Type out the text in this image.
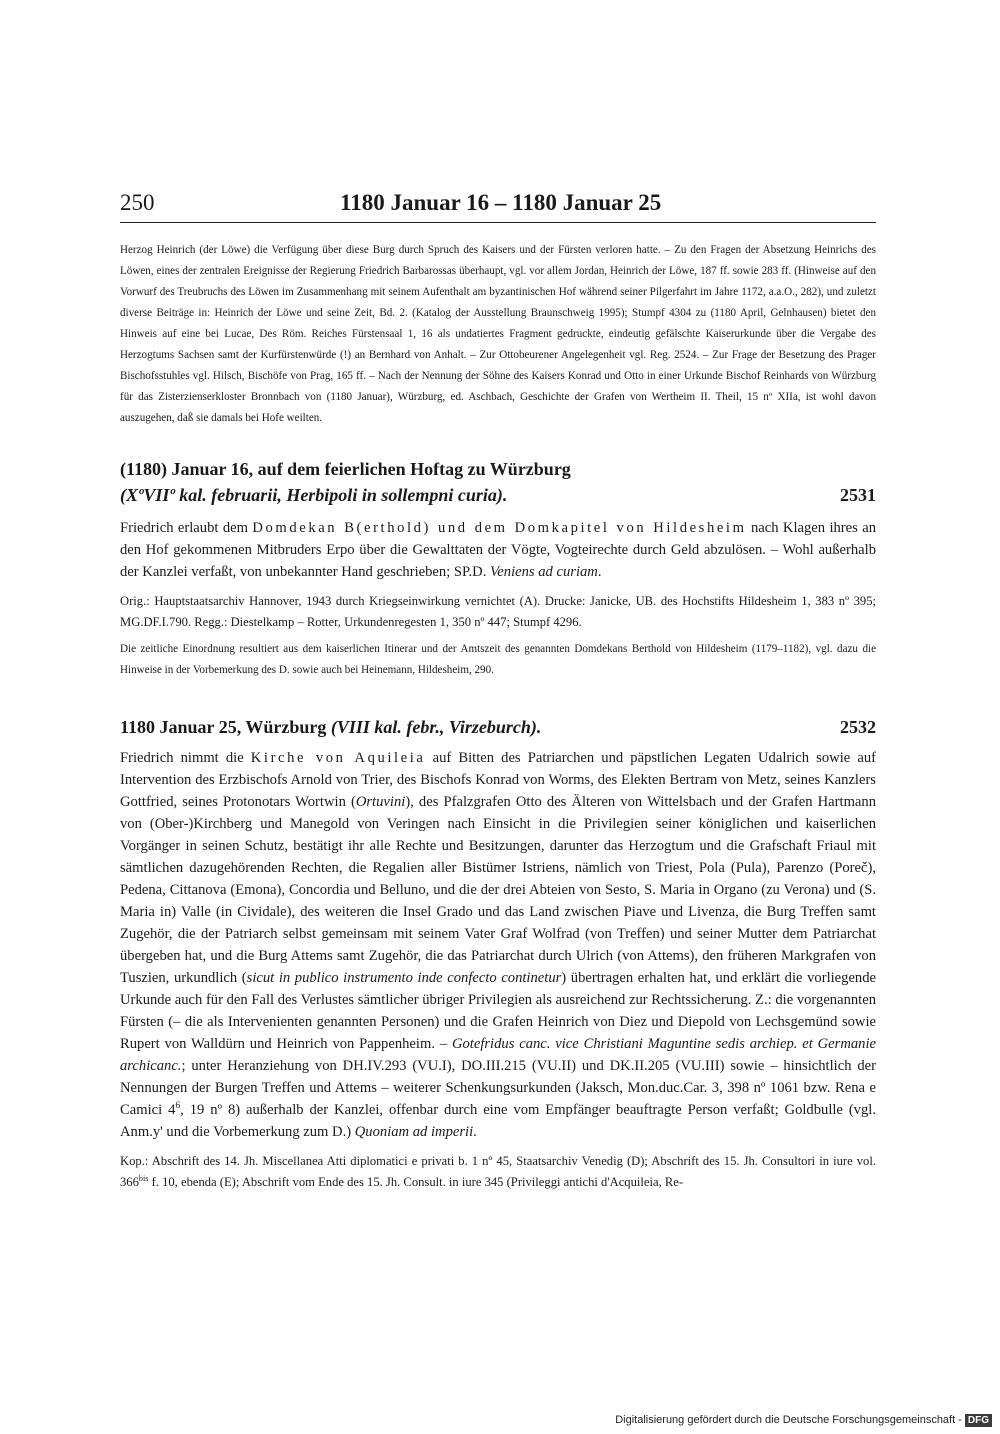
250	1180 Januar 16 – 1180 Januar 25
Herzog Heinrich (der Löwe) die Verfügung über diese Burg durch Spruch des Kaisers und der Fürsten verloren hatte. – Zu den Fragen der Absetzung Heinrichs des Löwen, eines der zentralen Ereignisse der Regierung Friedrich Barbarossas überhaupt, vgl. vor allem Jordan, Heinrich der Löwe, 187 ff. sowie 283 ff. (Hinweise auf den Vorwurf des Treubruchs des Löwen im Zusammenhang mit seinem Aufenthalt am byzantinischen Hof während seiner Pilgerfahrt im Jahre 1172, a.a.O., 282), und zuletzt diverse Beiträge in: Heinrich der Löwe und seine Zeit, Bd. 2. (Katalog der Ausstellung Braunschweig 1995); Stumpf 4304 zu (1180 April, Gelnhausen) bietet den Hinweis auf eine bei Lucae, Des Röm. Reiches Fürstensaal 1, 16 als undatiertes Fragment gedruckte, eindeutig gefälschte Kaiserurkunde über die Vergabe des Herzogtums Sachsen samt der Kurfürstenwürde (!) an Bernhard von Anhalt. – Zur Ottobeurener Angelegenheit vgl. Reg. 2524. – Zur Frage der Besetzung des Prager Bischofsstuhles vgl. Hilsch, Bischöfe von Prag, 165 ff. – Nach der Nennung der Söhne des Kaisers Konrad und Otto in einer Urkunde Bischof Reinhards von Würzburg für das Zisterzienserkloster Bronnbach von (1180 Januar), Würzburg, ed. Aschbach, Geschichte der Grafen von Wertheim II. Theil, 15 nº XIIa, ist wohl davon auszugehen, daß sie damals bei Hofe weilten.
(1180) Januar 16, auf dem feierlichen Hoftag zu Würzburg
(XºVIIº kal. februarii, Herbipoli in sollempni curia).	2531
Friedrich erlaubt dem Domdekan B(erthold) und dem Domkapitel von Hildesheim nach Klagen ihres an den Hof gekommenen Mitbruders Erpo über die Gewalttaten der Vögte, Vogteirechte durch Geld abzulösen. – Wohl außerhalb der Kanzlei verfaßt, von unbekannter Hand geschrieben; SP.D. Veniens ad curiam.
Orig.: Hauptstaatsarchiv Hannover, 1943 durch Kriegseinwirkung vernichtet (A). Drucke: Janicke, UB. des Hochstifts Hildesheim 1, 383 nº 395; MG.DF.I.790. Regg.: Diestelkamp – Rotter, Urkundenregesten 1, 350 nº 447; Stumpf 4296.
Die zeitliche Einordnung resultiert aus dem kaiserlichen Itinerar und der Amtszeit des genannten Domdekans Berthold von Hildesheim (1179–1182), vgl. dazu die Hinweise in der Vorbemerkung des D. sowie auch bei Heinemann, Hildesheim, 290.
1180 Januar 25, Würzburg (VIII kal. febr., Virzeburch).	2532
Friedrich nimmt die Kirche von Aquileia auf Bitten des Patriarchen und päpstlichen Legaten Udalrich sowie auf Intervention des Erzbischofs Arnold von Trier, des Bischofs Konrad von Worms, des Elekten Bertram von Metz, seines Kanzlers Gottfried, seines Protonotars Wortwin (Ortuvini), des Pfalzgrafen Otto des Älteren von Wittelsbach und der Grafen Hartmann von (Ober-)Kirchberg und Manegold von Veringen nach Einsicht in die Privilegien seiner königlichen und kaiserlichen Vorgänger in seinen Schutz, bestätigt ihr alle Rechte und Besitzungen, darunter das Herzogtum und die Grafschaft Friaul mit sämtlichen dazugehörenden Rechten, die Regalien aller Bistümer Istriens, nämlich von Triest, Pola (Pula), Parenzo (Poreč), Pedena, Cittanova (Emona), Concordia und Belluno, und die der drei Abteien von Sesto, S. Maria in Organo (zu Verona) und (S. Maria in) Valle (in Cividale), des weiteren die Insel Grado und das Land zwischen Piave und Livenza, die Burg Treffen samt Zugehör, die der Patriarch selbst gemeinsam mit seinem Vater Graf Wolfrad (von Treffen) und seiner Mutter dem Patriarchat übergeben hat, und die Burg Attems samt Zugehör, die das Patriarchat durch Ulrich (von Attems), den früheren Markgrafen von Tuszien, urkundlich (sicut in publico instrumento inde confecto continetur) übertragen erhalten hat, und erklärt die vorliegende Urkunde auch für den Fall des Verlustes sämtlicher übriger Privilegien als ausreichend zur Rechtssicherung. Z.: die vorgenannten Fürsten (– die als Intervenienten genannten Personen) und die Grafen Heinrich von Diez und Diepold von Lechsgemünd sowie Rupert von Walldürn und Heinrich von Pappenheim. – Gotefridus canc. vice Christiani Maguntine sedis archiep. et Germanie archicanc.; unter Heranziehung von DH.IV.293 (VU.I), DO.III.215 (VU.II) und DK.II.205 (VU.III) sowie – hinsichtlich der Nennungen der Burgen Treffen und Attems – weiterer Schenkungsurkunden (Jaksch, Mon.duc.Car. 3, 398 nº 1061 bzw. Rena e Camici $4^6$, 19 nº 8) außerhalb der Kanzlei, offenbar durch eine vom Empfänger beauftragte Person verfaßt; Goldbulle (vgl. Anm.y' und die Vorbemerkung zum D.) Quoniam ad imperii.
Kop.: Abschrift des 14. Jh. Miscellanea Atti diplomatici e privati b. 1 nº 45, Staatsarchiv Venedig (D); Abschrift des 15. Jh. Consultori in iure vol. $366^{bis}$ f. 10, ebenda (E); Abschrift vom Ende des 15. Jh. Consult. in iure 345 (Privileggi antichi d'Acquileia, Re-
Digitalisierung gefördert durch die Deutsche Forschungsgemeinschaft - DFG
